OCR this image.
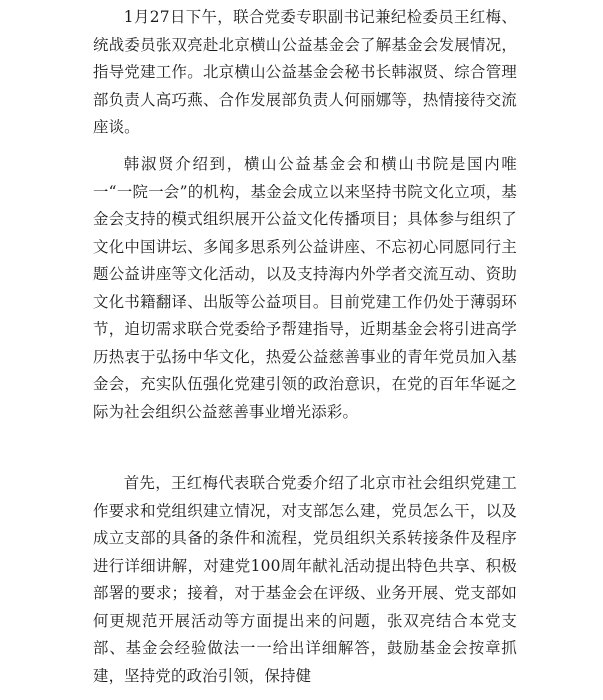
1月27日下午，联合党委专职副书记兼纪检委员王红梅、统战委员张双亮赴北京横山公益基金会了解基金会发展情况，指导党建工作。北京横山公益基金会秘书长韩淑贤、综合管理部负责人高巧燕、合作发展部负责人何丽娜等，热情接待交流座谈。

韩淑贤介绍到，横山公益基金会和横山书院是国内唯一“一院一会”的机构，基金会成立以来坚持书院文化立项，基金会支持的模式组织展开公益文化传播项目；具体参与组织了文化中国讲坛、多闻多思系列公益讲座、不忘初心同愿同行主题公益讲座等文化活动，以及支持海内外学者交流互动、资助文化书籍翻译、出版等公益项目。目前党建工作仍处于薄弱环节，迫切需求联合党委给予帮建指导，近期基金会将引进高学历热衷于弘扬中华文化，热爱公益慈善事业的青年党员加入基金会，充实队伍强化党建引领的政治意识，在党的百年华诞之际为社会组织公益慈善事业增光添彩。

首先，王红梅代表联合党委介绍了北京市社会组织党建工作要求和党组织建立情况，对支部怎么建，党员怎么干，以及成立支部的具备的条件和流程，党员组织关系转接条件及程序进行详细讲解，对建党100周年献礼活动提出特色共享、积极部署的要求；接着，对于基金会在评级、业务开展、党支部如何更规范开展活动等方面提出来的问题，张双亮结合本党支部、基金会经验做法一一给出详细解答，鼓励基金会按章抓建，坚持党的政治引领，保持健
